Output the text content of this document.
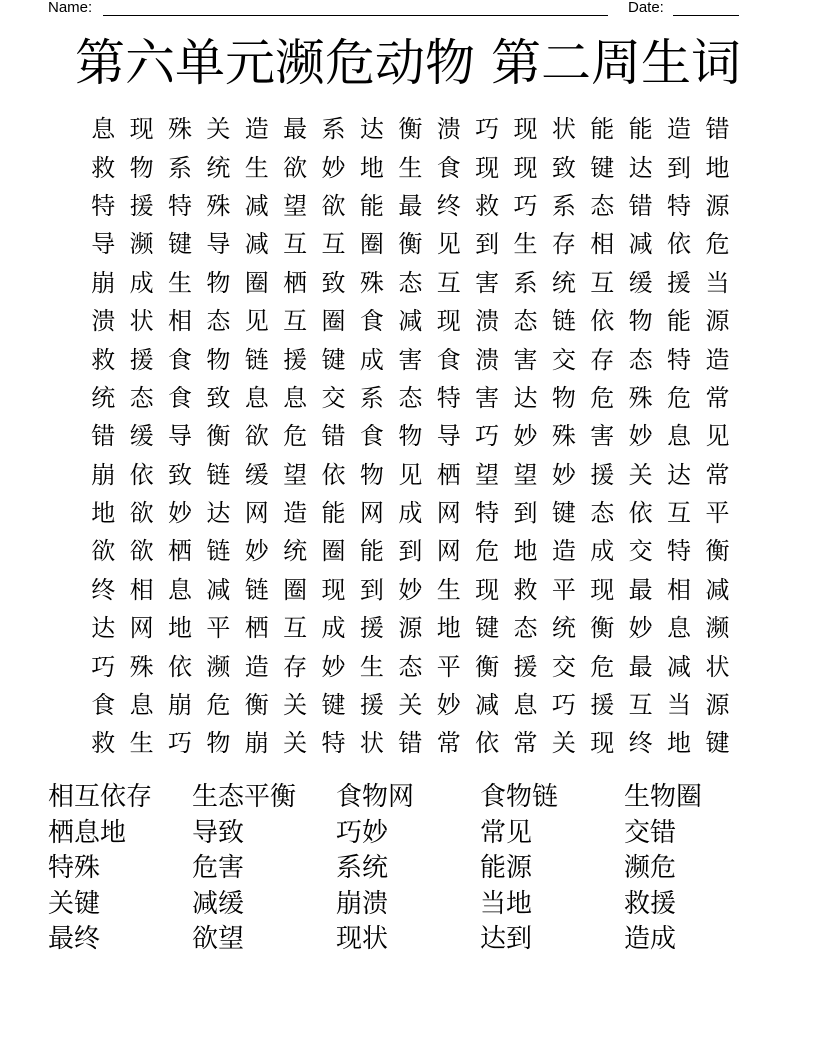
Name:	Date:
第六单元濒危动物 第二周生词
息 现 殊 关 造 最 系 达 衡 溃 巧 现 状 能 能 造 错
救 物 系 统 生 欲 妙 地 生 食 现 现 致 键 达 到 地
特 援 特 殊 减 望 欲 能 最 终 救 巧 系 态 错 特 源
导 濒 键 导 减 互 互 圈 衡 见 到 生 存 相 减 依 危
崩 成 生 物 圈 栖 致 殊 态 互 害 系 统 互 缓 援 当
溃 状 相 态 见 互 圈 食 减 现 溃 态 链 依 物 能 源
救 援 食 物 链 援 键 成 害 食 溃 害 交 存 态 特 造
统 态 食 致 息 息 交 系 态 特 害 达 物 危 殊 危 常
错 缓 导 衡 欲 危 错 食 物 导 巧 妙 殊 害 妙 息 见
崩 依 致 链 缓 望 依 物 见 栖 望 望 妙 援 关 达 常
地 欲 妙 达 网 造 能 网 成 网 特 到 键 态 依 互 平
欲 欲 栖 链 妙 统 圈 能 到 网 危 地 造 成 交 特 衡
终 相 息 减 链 圈 现 到 妙 生 现 救 平 现 最 相 减
达 网 地 平 栖 互 成 援 源 地 键 态 统 衡 妙 息 濒
巧 殊 依 濒 造 存 妙 生 态 平 衡 援 交 危 最 减 状
食 息 崩 危 衡 关 键 援 关 妙 减 息 巧 援 互 当 源
救 生 巧 物 崩 关 特 状 错 常 依 常 关 现 终 地 键
相互依存	生态平衡	食物网	食物链	生物圈
栖息地	导致	巧妙	常见	交错
特殊	危害	系统	能源	濒危
关键	减缓	崩溃	当地	救援
最终	欲望	现状	达到	造成
